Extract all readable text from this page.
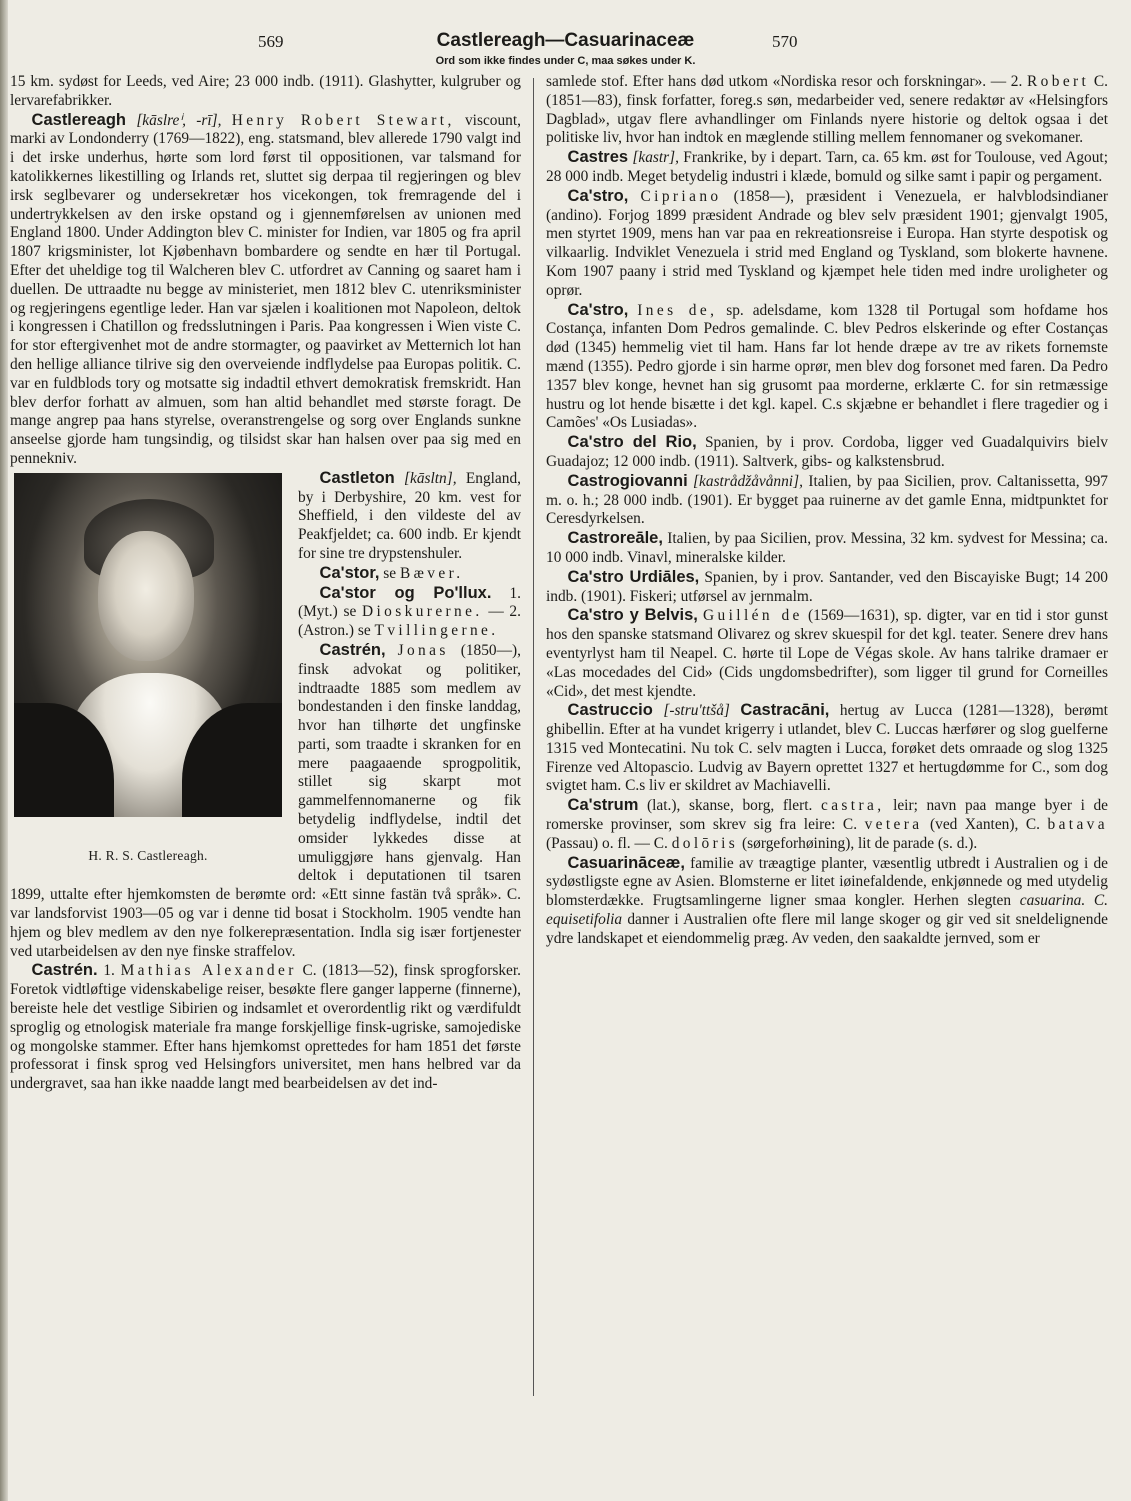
569	Castlereagh—Casuarinaceæ	570
Ord som ikke findes under C, maa søkes under K.

15 km. sydøst for Leeds, ved Aire; 23 000 indb. (1911). Glashytter, kulgruber og lervarefabrikker.

Castlereagh [kāslreⁱ, -rī], Henry Robert Stewart, viscount, marki av Londonderry (1769—1822), eng. statsmand, blev allerede 1790 valgt ind i det irske underhus, hørte som lord først til oppositionen, var talsmand for katolikkernes likestilling og Irlands ret, sluttet sig derpaa til regjeringen og blev irsk seglbevarer og undersekretær hos vicekongen, tok fremragende del i undertrykkelsen av den irske opstand og i gjennemførelsen av unionen med England 1800. Under Addington blev C. minister for Indien, var 1805 og fra april 1807 krigsminister, lot Kjøbenhavn bombardere og sendte en hær til Portugal. Efter det uheldige tog til Walcheren blev C. utfordret av Canning og saaret ham i duellen. De uttraadte nu begge av ministeriet, men 1812 blev C. utenriksminister og regjeringens egentlige leder. Han var sjælen i koalitionen mot Napoleon, deltok i kongressen i Chatillon og fredsslutningen i Paris. Paa kongressen i Wien viste C. for stor eftergivenhet mot de andre stormagter, og paavirket av Metternich lot han den hellige alliance tilrive sig den overveiende indflydelse paa Europas politik. C. var en fuldblods tory og motsatte sig indadtil ethvert demokratisk fremskridt. Han blev derfor forhatt av almuen, som han altid behandlet med største foragt. De mange angrep paa hans styrelse, overanstrengelse og sorg over Englands sunkne anseelse gjorde ham tungsindig, og tilsidst skar han halsen over paa sig med en pennekniv.

H. R. S. Castlereagh.

Castleton [kāsltn], England, by i Derbyshire, 20 km. vest for Sheffield, i den vildeste del av Peakfjeldet; ca. 600 indb. Er kjendt for sine tre drypstenshuler.

Ca'stor, se Bæver.

Ca'stor og Po'llux. 1. (Myt.) se Dioskurerne. — 2. (Astron.) se Tvillingerne.

Castrén, Jonas (1850—), finsk advokat og politiker, indtraadte 1885 som medlem av bondestanden i den finske landdag, hvor han tilhørte det ungfinske parti, som traadte i skranken for en mere paagaaende sprogpolitik, stillet sig skarpt mot gammelfennomanerne og fik betydelig indflydelse, indtil det omsider lykkedes disse at umuliggjøre hans gjenvalg. Han deltok i deputationen til tsaren 1899, uttalte efter hjemkomsten de berømte ord: «Ett sinne fastän två språk». C. var landsforvist 1903—05 og var i denne tid bosat i Stockholm. 1905 vendte han hjem og blev medlem av den nye folkerepræsentation. Indla sig især fortjenester ved utarbeidelsen av den nye finske straffelov.

Castrén. 1. Mathias Alexander C. (1813—52), finsk sprogforsker. Foretok vidtløftige videnskabelige reiser, besøkte flere ganger lapperne (finnerne), bereiste hele det vestlige Sibirien og indsamlet et overordentlig rikt og værdifuldt sproglig og etnologisk materiale fra mange forskjellige finsk-ugriske, samojediske og mongolske stammer. Efter hans hjemkomst oprettedes for ham 1851 det første professorat i finsk sprog ved Helsingfors universitet, men hans helbred var da undergravet, saa han ikke naadde langt med bearbeidelsen av det ind-

samlede stof. Efter hans død utkom «Nordiska resor och forskningar». — 2. Robert C. (1851—83), finsk forfatter, foreg.s søn, medarbeider ved, senere redaktør av «Helsingfors Dagblad», utgav flere avhandlinger om Finlands nyere historie og deltok ogsaa i det politiske liv, hvor han indtok en mæglende stilling mellem fennomaner og svekomaner.

Castres [kastr], Frankrike, by i depart. Tarn, ca. 65 km. øst for Toulouse, ved Agout; 28 000 indb. Meget betydelig industri i klæde, bomuld og silke samt i papir og pergament.

Ca'stro, Cipriano (1858—), præsident i Venezuela, er halvblodsindianer (andino). Forjog 1899 præsident Andrade og blev selv præsident 1901; gjenvalgt 1905, men styrtet 1909, mens han var paa en rekreationsreise i Europa. Han styrte despotisk og vilkaarlig. Indviklet Venezuela i strid med England og Tyskland, som blokerte havnene. Kom 1907 paany i strid med Tyskland og kjæmpet hele tiden med indre uroligheter og oprør.

Ca'stro, Ines de, sp. adelsdame, kom 1328 til Portugal som hofdame hos Costança, infanten Dom Pedros gemalinde. C. blev Pedros elskerinde og efter Costanças død (1345) hemmelig viet til ham. Hans far lot hende dræpe av tre av rikets fornemste mænd (1355). Pedro gjorde i sin harme oprør, men blev dog forsonet med faren. Da Pedro 1357 blev konge, hevnet han sig grusomt paa morderne, erklærte C. for sin retmæssige hustru og lot hende bisætte i det kgl. kapel. C.s skjæbne er behandlet i flere tragedier og i Camões' «Os Lusiadas».

Ca'stro del Rio, Spanien, by i prov. Cordoba, ligger ved Guadalquivirs bielv Guadajoz; 12 000 indb. (1911). Saltverk, gibs- og kalkstensbrud.

Castrogiovanni [kastrådžåvånni], Italien, by paa Sicilien, prov. Caltanissetta, 997 m. o. h.; 28 000 indb. (1901). Er bygget paa ruinerne av det gamle Enna, midtpunktet for Ceresdyrkelsen.

Castroreāle, Italien, by paa Sicilien, prov. Messina, 32 km. sydvest for Messina; ca. 10 000 indb. Vinavl, mineralske kilder.

Ca'stro Urdiāles, Spanien, by i prov. Santander, ved den Biscayiske Bugt; 14 200 indb. (1901). Fiskeri; utførsel av jernmalm.

Ca'stro y Belvis, Guillén de (1569—1631), sp. digter, var en tid i stor gunst hos den spanske statsmand Olivarez og skrev skuespil for det kgl. teater. Senere drev hans eventyrlyst ham til Neapel. C. hørte til Lope de Végas skole. Av hans talrike dramaer er «Las mocedades del Cid» (Cids ungdomsbedrifter), som ligger til grund for Corneilles «Cid», det mest kjendte.

Castruccio [-stru'ttšå] Castracāni, hertug av Lucca (1281—1328), berømt ghibellin. Efter at ha vundet krigerry i utlandet, blev C. Luccas hærfører og slog guelferne 1315 ved Montecatini. Nu tok C. selv magten i Lucca, forøket dets omraade og slog 1325 Firenze ved Altopascio. Ludvig av Bayern oprettet 1327 et hertugdømme for C., som dog svigtet ham. C.s liv er skildret av Machiavelli.

Ca'strum (lat.), skanse, borg, flert. castra, leir; navn paa mange byer i de romerske provinser, som skrev sig fra leire: C. vetera (ved Xanten), C. batava (Passau) o. fl. — C. dolōris (sørgeforhøining), lit de parade (s. d.).

Casuarināceæ, familie av træagtige planter, væsentlig utbredt i Australien og i de sydøstligste egne av Asien. Blomsterne er litet iøinefaldende, enkjønnede og med utydelig blomsterdække. Frugtsamlingerne ligner smaa kongler. Herhen slegten casuarina. C. equisetifolia danner i Australien ofte flere mil lange skoger og gir ved sit sneldelignende ydre landskapet et eiendommelig præg. Av veden, den saakaldte jernved, som er
